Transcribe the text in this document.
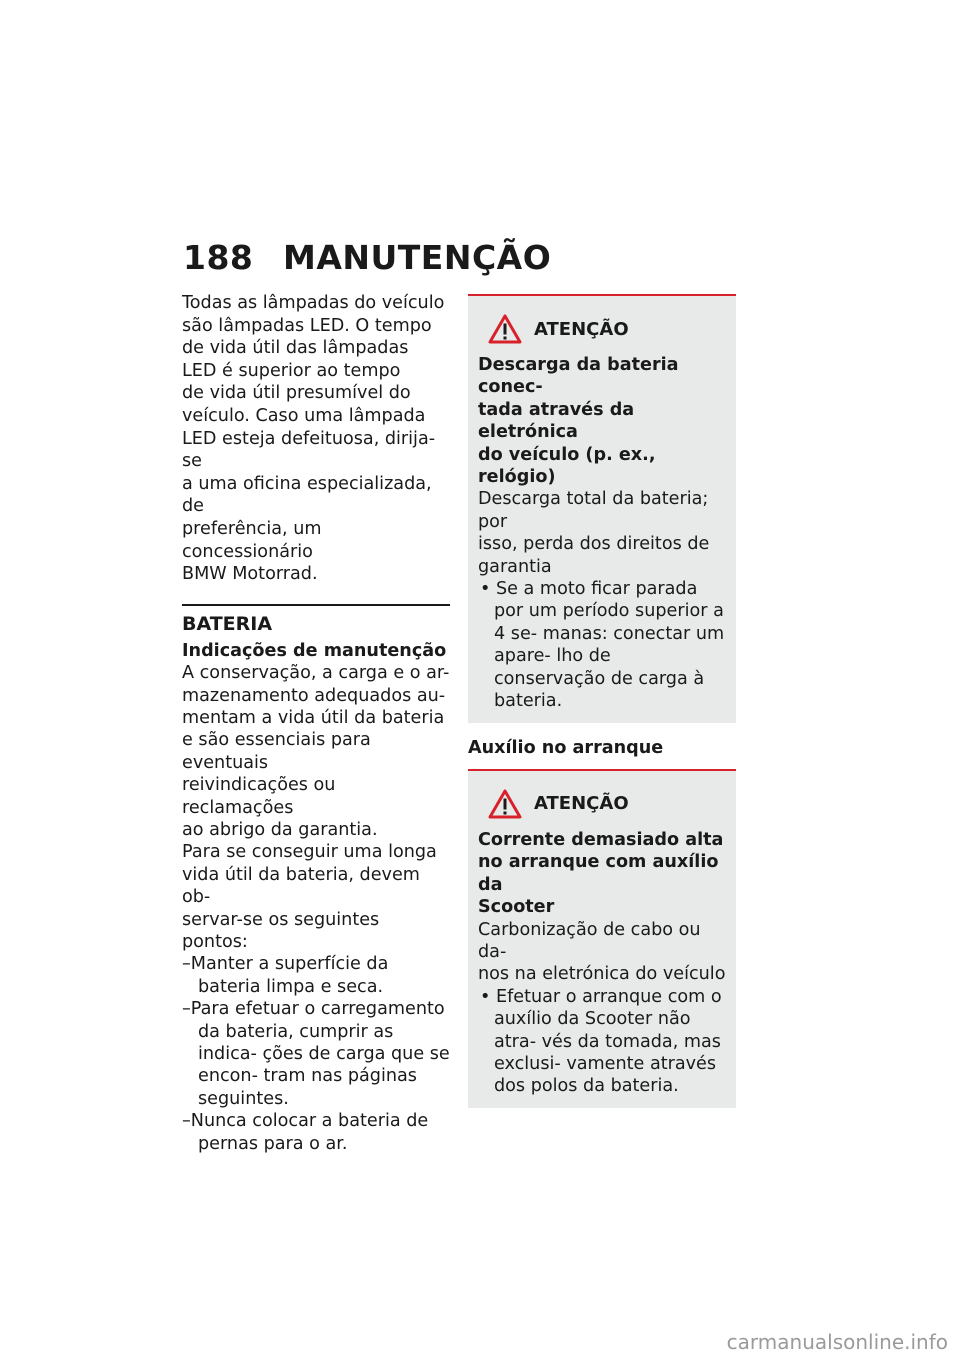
188 MANUTENÇÃO

Todas as lâmpadas do veículo

são lâmpadas LED. O tempo

de vida útil das lâmpadas

LED é superior ao tempo

de vida útil presumível do

veículo. Caso uma lâmpada

LED esteja defeituosa, dirija-se

a uma oficina especializada, de

preferência, um concessionário

BMW Motorrad.

BATERIA
Indicações de manutenção

A conservação, a carga e o ar-

mazenamento adequados au-

mentam a vida útil da bateria

e são essenciais para eventuais

reivindicações ou reclamações

ao abrigo da garantia.

Para se conseguir uma longa

vida útil da bateria, devem ob-

servar-se os seguintes pontos:

–Manter a superfície da bateria limpa e seca.

–Para efetuar o carregamento da bateria, cumprir as indica- ções de carga que se encon- tram nas páginas seguintes.

–Nunca colocar a bateria de pernas para o ar.

ATENÇÃO
Descarga da bateria conec-
tada através da eletrónica
do veículo (p. ex., relógio)

Descarga total da bateria; por

isso, perda dos direitos de

garantia

• Se a moto ficar parada por um período superior a 4 se- manas: conectar um apare- lho de conservação de carga à bateria.

Auxílio no arranque
ATENÇÃO
Corrente demasiado alta
no arranque com auxílio da
Scooter

Carbonização de cabo ou da-

nos na eletrónica do veículo

• Efetuar o arranque com o auxílio da Scooter não atra- vés da tomada, mas exclusi- vamente através dos polos da bateria.

carmanualsonline.info
